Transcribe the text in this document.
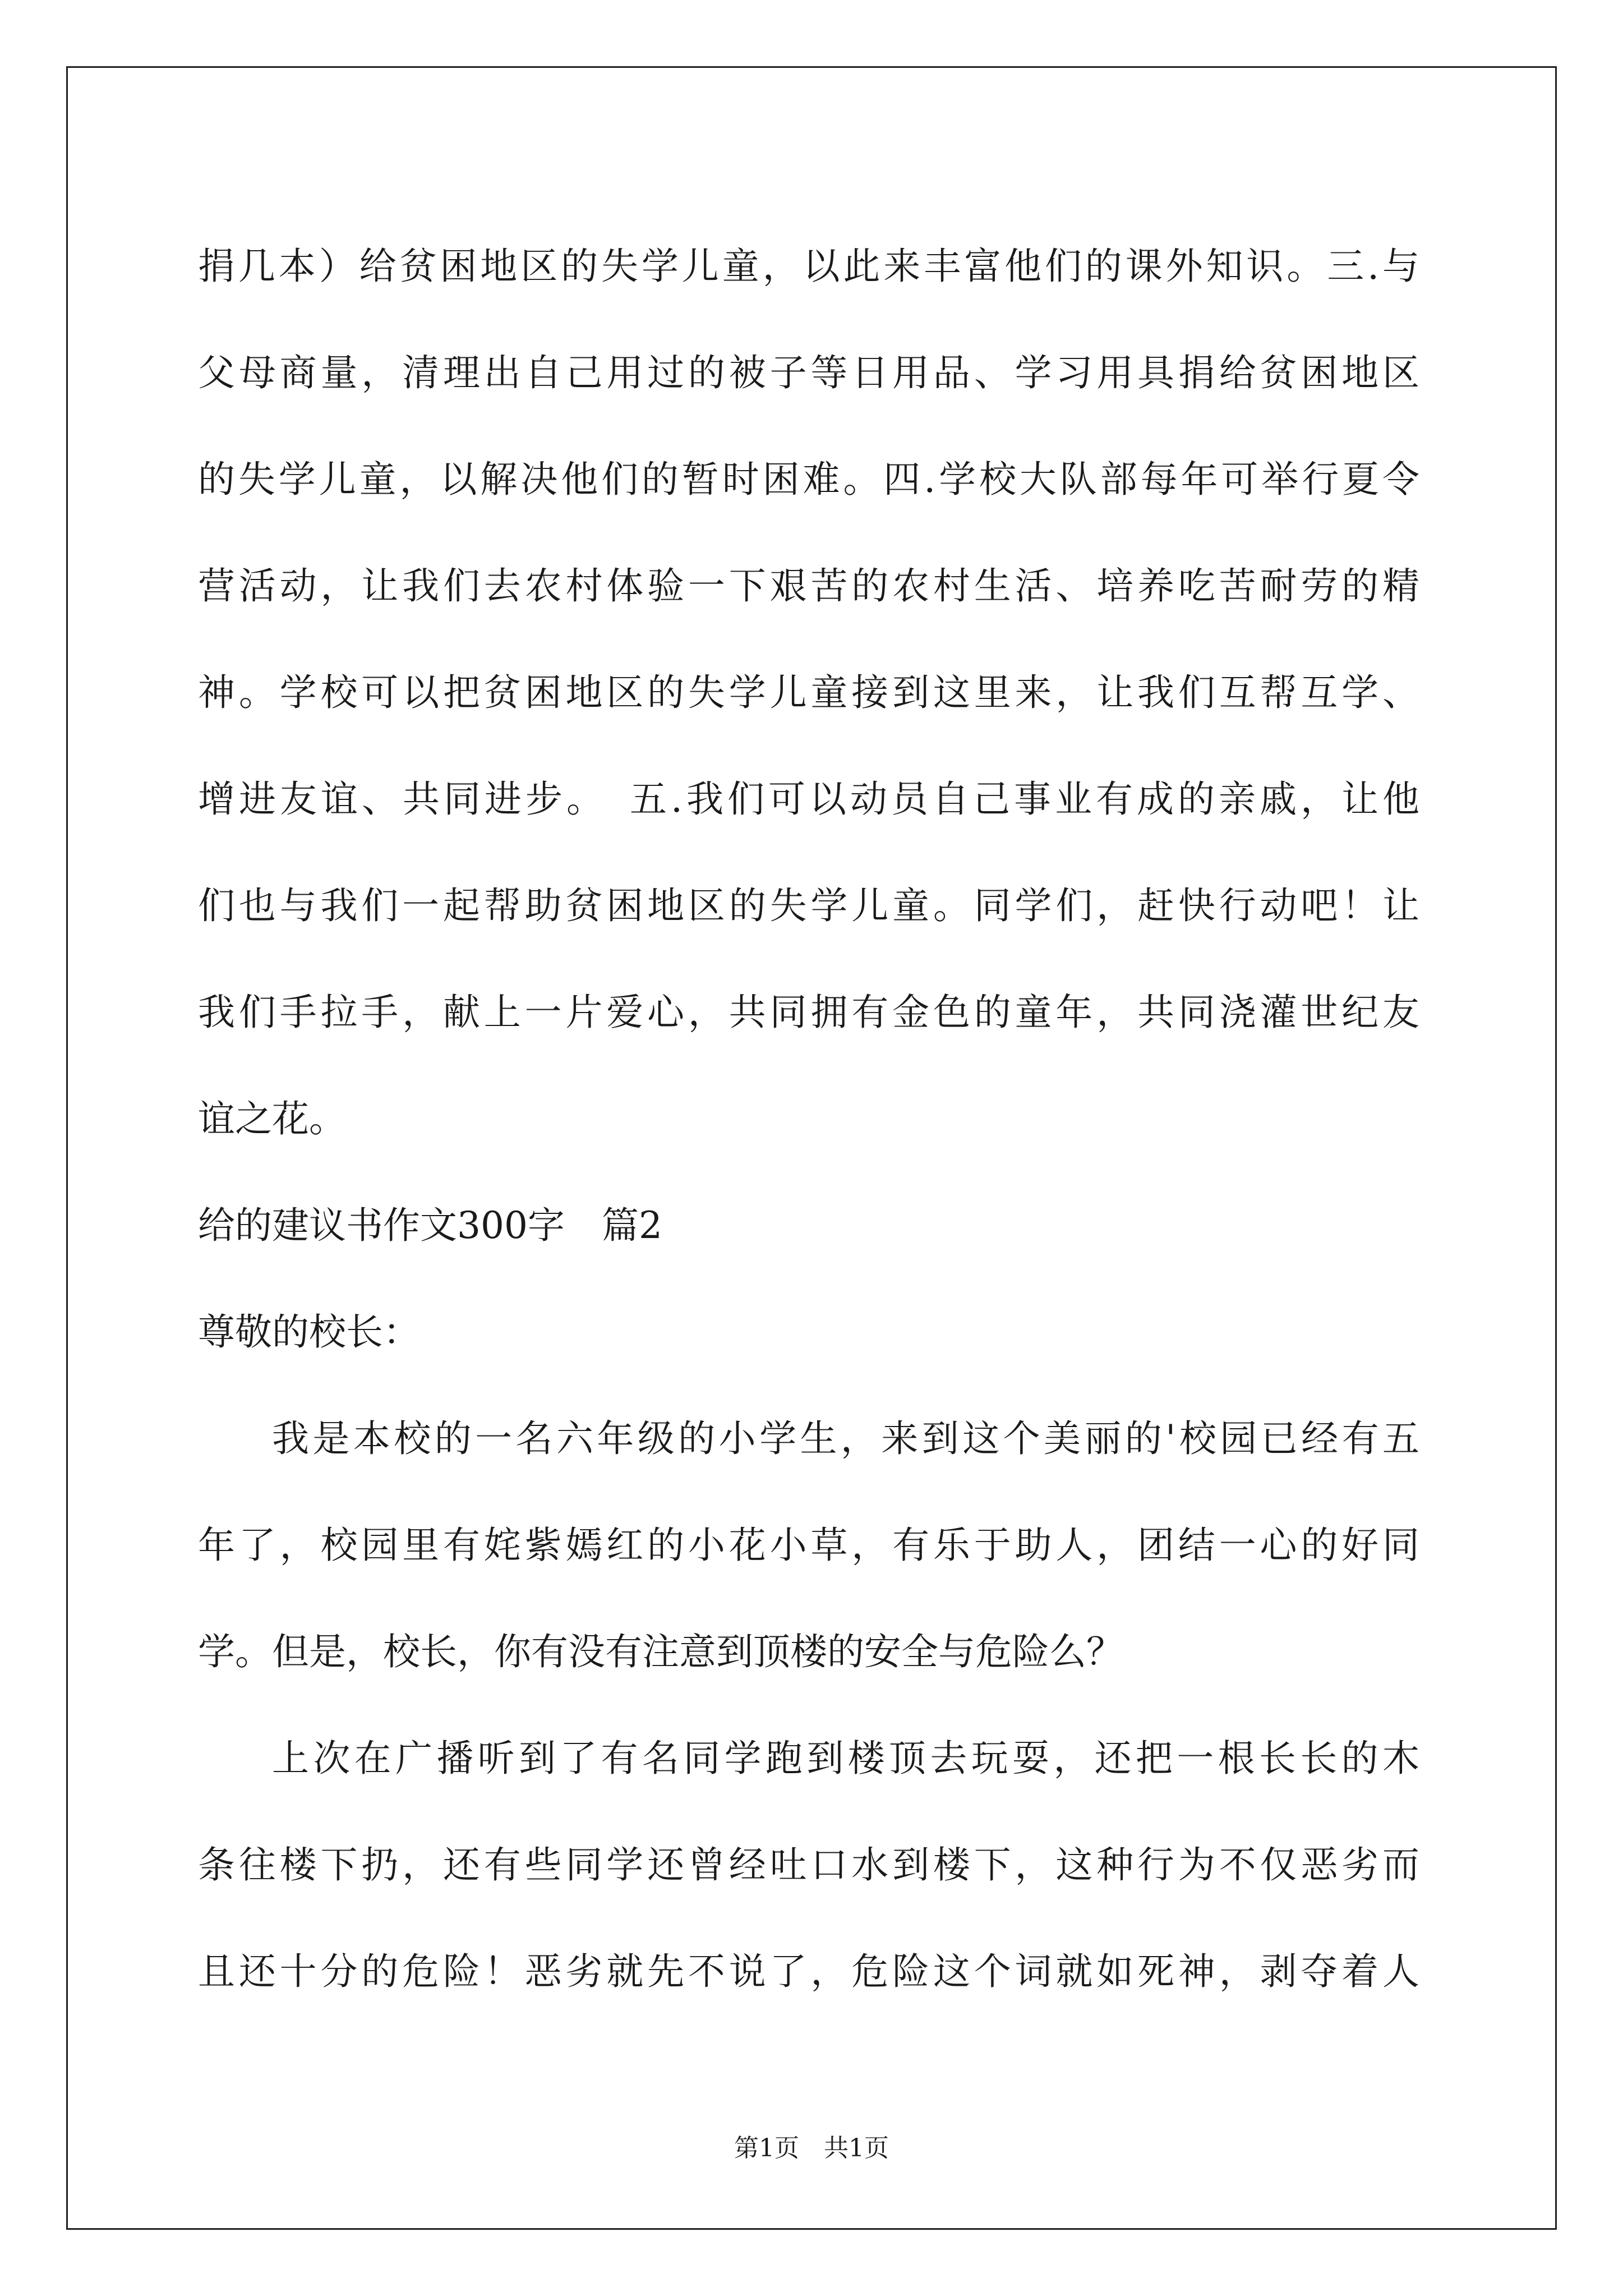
捐几本）给贫困地区的失学儿童，以此来丰富他们的课外知识。三.与
父母商量，清理出自己用过的被子等日用品、学习用具捐给贫困地区
的失学儿童，以解决他们的暂时困难。四.学校大队部每年可举行夏令
营活动，让我们去农村体验一下艰苦的农村生活、培养吃苦耐劳的精
神。学校可以把贫困地区的失学儿童接到这里来，让我们互帮互学、
增进友谊、共同进步。　五.我们可以动员自己事业有成的亲戚，让他
们也与我们一起帮助贫困地区的失学儿童。同学们，赶快行动吧！让
我们手拉手，献上一片爱心，共同拥有金色的童年，共同浇灌世纪友
谊之花。
给的建议书作文300字　篇2
尊敬的校长：
我是本校的一名六年级的小学生，来到这个美丽的'校园已经有五
年了，校园里有姹紫嫣红的小花小草，有乐于助人，团结一心的好同
学。但是，校长，你有没有注意到顶楼的安全与危险么？
上次在广播听到了有名同学跑到楼顶去玩耍，还把一根长长的木
条往楼下扔，还有些同学还曾经吐口水到楼下，这种行为不仅恶劣而
且还十分的危险！恶劣就先不说了，危险这个词就如死神，剥夺着人
第1页　共1页
